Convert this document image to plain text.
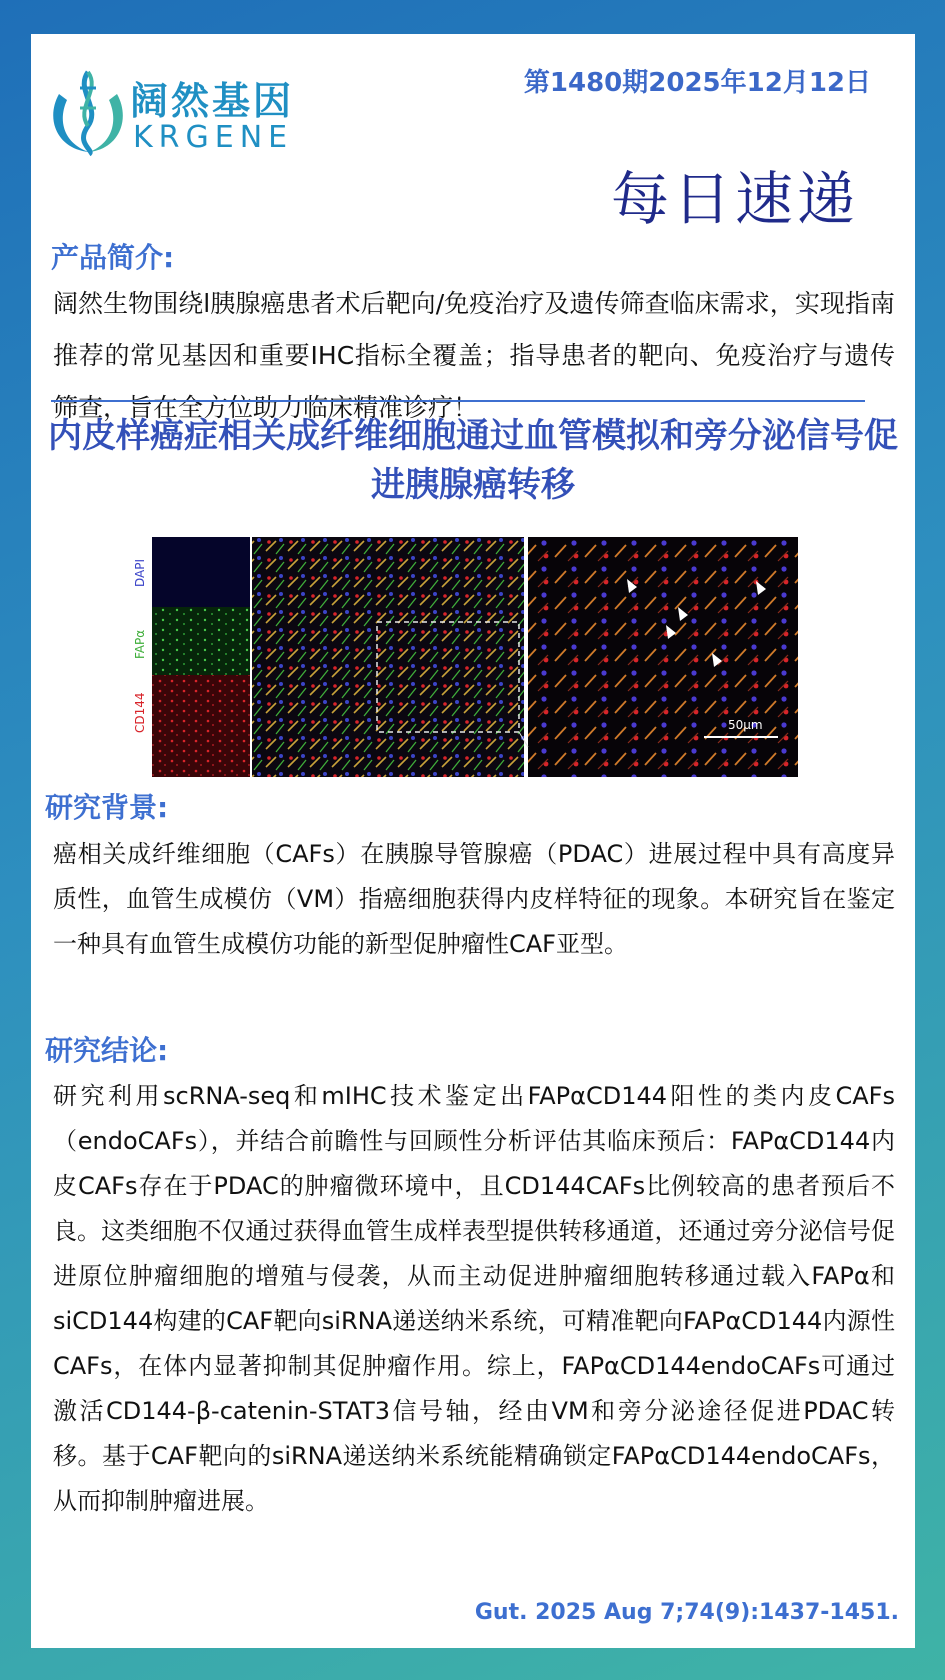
阔然基因
KRGENE
第1480期2025年12月12日
每日速递
产品简介:
阔然生物围绕l胰腺癌患者术后靶向/免疫治疗及遗传筛查临床需求，实现指南推荐的常见基因和重要IHC指标全覆盖；指导患者的靶向、免疫治疗与遗传筛查，旨在全方位助力临床精准诊疗！
内皮样癌症相关成纤维细胞通过血管模拟和旁分泌信号促进胰腺癌转移
50μm
DAPI
FAPα
CD144
研究背景:
癌相关成纤维细胞（CAFs）在胰腺导管腺癌（PDAC）进展过程中具有高度异质性，血管生成模仿（VM）指癌细胞获得内皮样特征的现象。本研究旨在鉴定一种具有血管生成模仿功能的新型促肿瘤性CAF亚型。
研究结论:
研究利用scRNA-seq和mIHC技术鉴定出FAPαCD144阳性的类内皮CAFs（endoCAFs），并结合前瞻性与回顾性分析评估其临床预后：FAPαCD144内皮CAFs存在于PDAC的肿瘤微环境中，且CD144CAFs比例较高的患者预后不良。这类细胞不仅通过获得血管生成样表型提供转移通道，还通过旁分泌信号促进原位肿瘤细胞的增殖与侵袭，从而主动促进肿瘤细胞转移通过载入FAPα和siCD144构建的CAF靶向siRNA递送纳米系统，可精准靶向FAPαCD144内源性CAFs，在体内显著抑制其促肿瘤作用。综上，FAPαCD144endoCAFs可通过激活CD144-β-catenin-STAT3信号轴，经由VM和旁分泌途径促进PDAC转移。基于CAF靶向的siRNA递送纳米系统能精确锁定FAPαCD144endoCAFs，从而抑制肿瘤进展。
Gut. 2025 Aug 7;74(9):1437-1451.
